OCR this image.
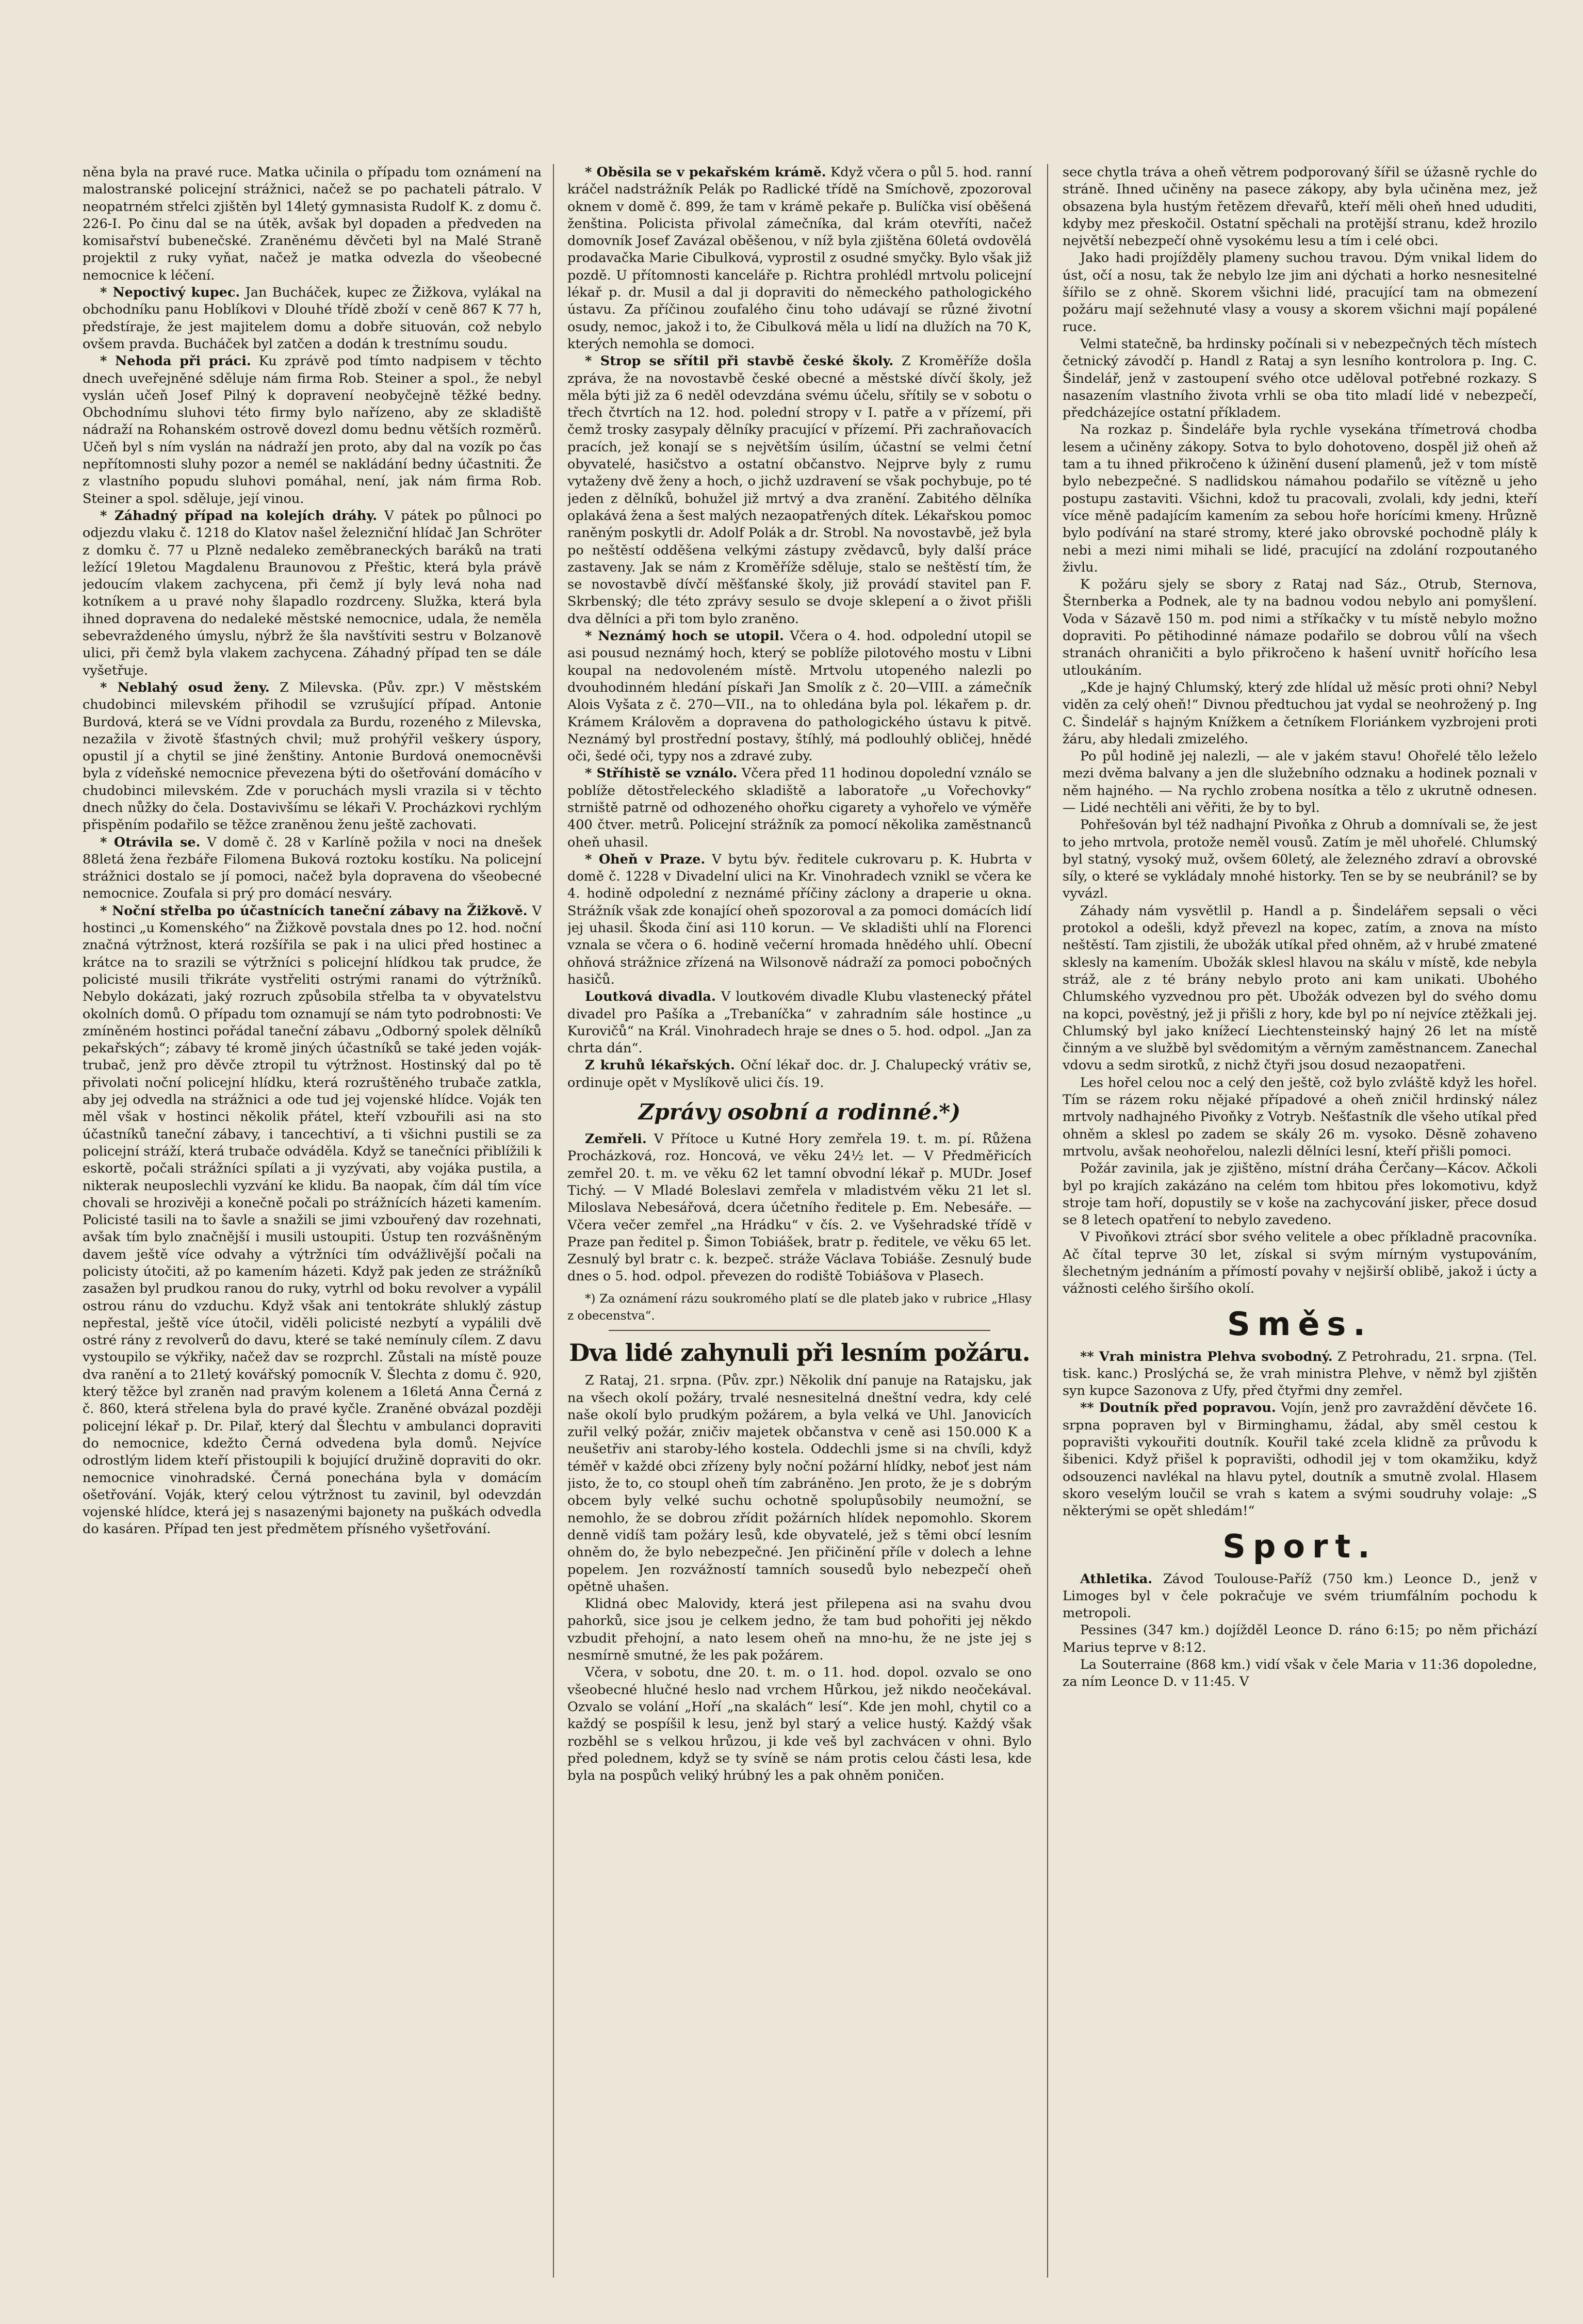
něna byla na pravé ruce. Matka učinila o případu tom oznámení na malostranské policejní strážnici, načež se po pachateli pátralo. V neopatrném střelci zjištěn byl 14letý gymnasista Rudolf K. z domu č. 226-I. Po činu dal se na útěk, avšak byl dopaden a předveden na komisařství bubenečské. Zraněnému děvčeti byl na Malé Straně projektil z ruky vyňat, načež je matka odvezla do všeobecné nemocnice k léčení.

* Nepoctivý kupec. Jan Bucháček, kupec ze Žižkova, vylákal na obchodníku panu Hoblíkovi v Dlouhé třídě zboží v ceně 867 K 77 h, předstíraje, že jest majitelem domu a dobře situován, což nebylo ovšem pravda. Bucháček byl zatčen a dodán k trestnímu soudu.

* Nehoda při práci. Ku zprávě pod tímto nadpisem v těchto dnech uveřejněné sděluje nám firma Rob. Steiner a spol., že nebyl vyslán učeň Josef Pilný k dopravení neobyčejně těžké bedny. Obchodnímu sluhovi této firmy bylo nařízeno, aby ze skladiště nádraží na Rohanském ostrově dovezl domu bednu větších rozměrů. Učeň byl s ním vyslán na nádraží jen proto, aby dal na vozík po čas nepřítomnosti sluhy pozor a nemél se nakládání bedny účastniti. Že z vlastního popudu sluhovi pomáhal, není, jak nám firma Rob. Steiner a spol. sděluje, její vinou.

* Záhadný případ na kolejích dráhy. V pátek po půlnoci po odjezdu vlaku č. 1218 do Klatov našel železniční hlídač Jan Schröter z domku č. 77 u Plzně nedaleko zeměbraneckých baráků na trati ležící 19letou Magdalenu Braunovou z Přeštic, která byla právě jedoucím vlakem zachycena, při čemž jí byly levá noha nad kotníkem a u pravé nohy šlapadlo rozdrceny. Služka, která byla ihned dopravena do nedaleké městské nemocnice, udala, že neměla sebevraždeného úmyslu, nýbrž že šla navštíviti sestru v Bolzanově ulici, při čemž byla vlakem zachycena. Záhadný případ ten se dále vyšetřuje.

* Neblahý osud ženy. Z Milevska. (Pův. zpr.) V městském chudobinci milevském přihodil se vzrušující případ. Antonie Burdová, která se ve Vídni provdala za Burdu, rozeného z Milevska, nezažila v životě šťastných chvil; muž prohýřil veškery úspory, opustil jí a chytil se jiné ženštiny. Antonie Burdová onemocněvši byla z vídeňské nemocnice převezena býti do ošetřování domácího v chudobinci milevském. Zde v poruchách mysli vrazila si v těchto dnech nůžky do čela. Dostavivšímu se lékaři V. Procházkovi rychlým přispěním podařilo se těžce zraněnou ženu ještě zachovati.

* Otrávila se. V domě č. 28 v Karlíně požila v noci na dnešek 88letá žena řezbáře Filomena Buková roztoku kostíku. Na policejní strážnici dostalo se jí pomoci, načež byla dopravena do všeobecné nemocnice. Zoufala si prý pro domácí nesváry.

* Noční střelba po účastnících taneční zábavy na Žižkově. V hostinci „u Komenského“ na Žižkově povstala dnes po 12. hod. noční značná výtržnost, která rozšířila se pak i na ulici před hostinec a krátce na to srazili se výtržníci s policejní hlídkou tak prudce, že policisté musili třikráte vystřeliti ostrými ranami do výtržníků. Nebylo dokázati, jaký rozruch způsobila střelba ta v obyvatelstvu okolních domů. O případu tom oznamují se nám tyto podrobnosti: Ve zmíněném hostinci pořádal taneční zábavu „Odborný spolek dělníků pekařských“; zábavy té kromě jiných účastníků se také jeden voják-trubač, jenž pro děvče ztropil tu výtržnost. Hostinský dal po tě přivolati noční policejní hlídku, která rozruštěného trubače zatkla, aby jej odvedla na strážnici a ode tud jej vojenské hlídce. Voják ten měl však v hostinci několik přátel, kteří vzbouřili asi na sto účastníků taneční zábavy, i tancechtiví, a ti všichni pustili se za policejní stráží, která trubače odváděla. Když se tanečníci přiblížili k eskortě, počali strážníci spílati a ji vyzývati, aby vojáka pustila, a nikterak neuposlechli vyzvání ke klidu. Ba naopak, čím dál tím více chovali se hrozivěji a konečně počali po strážnících házeti kamením. Policisté tasili na to šavle a snažili se jimi vzbouřený dav rozehnati, avšak tím bylo značnější i musili ustoupiti. Ústup ten rozvášněným davem ještě více odvahy a výtržníci tím odvážlivější počali na policisty útočiti, až po kamením házeti. Když pak jeden ze strážníků zasažen byl prudkou ranou do ruky, vytrhl od boku revolver a vypálil ostrou ránu do vzduchu. Když však ani tentokráte shluklý zástup nepřestal, ještě více útočil, viděli policisté nezbytí a vypálili dvě ostré rány z revolverů do davu, které se také nemínuly cílem. Z davu vystoupilo se výkřiky, načež dav se rozprchl. Zůstali na místě pouze dva ranění a to 21letý kovářský pomocník V. Šlechta z domu č. 920, který těžce byl zraněn nad pravým kolenem a 16letá Anna Černá z č. 860, která střelena byla do pravé kyčle. Zraněné obvázal později policejní lékař p. Dr. Pilař, který dal Šlechtu v ambulanci dopraviti do nemocnice, kdežto Černá odvedena byla domů. Nejvíce odrostlým lidem kteří přistoupili k bojující družině dopraviti do okr. nemocnice vinohradské. Černá ponechána byla v domácím ošetřování. Voják, který celou výtržnost tu zavinil, byl odevzdán vojenské hlídce, která jej s nasazenými bajonety na puškách odvedla do kasáren. Případ ten jest předmětem přísného vyšetřování.

* Oběsila se v pekařském krámě. Když včera o půl 5. hod. ranní kráčel nadstrážník Pelák po Radlické třídě na Smíchově, zpozoroval oknem v domě č. 899, že tam v krámě pekaře p. Bulíčka visí oběšená ženština. Policista přivolal zámečníka, dal krám otevříti, načež domovník Josef Zavázal oběšenou, v níž byla zjištěna 60letá ovdovělá prodavačka Marie Cibulková, vyprostil z osudné smyčky. Bylo však již pozdě. U přítomnosti kanceláře p. Richtra prohlédl mrtvolu policejní lékař p. dr. Musil a dal ji dopraviti do německého pathologického ústavu. Za příčinou zoufalého činu toho udávají se různé životní osudy, nemoc, jakož i to, že Cibulková měla u lidí na dlužích na 70 K, kterých nemohla se domoci.

* Strop se sřítil při stavbě české školy. Z Kroměříže došla zpráva, že na novostavbě české obecné a městské dívčí školy, jež měla býti již za 6 neděl odevzdána svému účelu, sřítily se v sobotu o třech čtvrtích na 12. hod. polední stropy v I. patře a v přízemí, při čemž trosky zasypaly dělníky pracující v přízemí. Při zachraňovacích pracích, jež konají se s největším úsilím, účastní se velmi četní obyvatelé, hasičstvo a ostatní občanstvo. Nejprve byly z rumu vytaženy dvě ženy a hoch, o jichž uzdravení se však pochybuje, po té jeden z dělníků, bohužel již mrtvý a dva zranění. Zabitého dělníka oplakává žena a šest malých nezaopatřených dítek. Lékařskou pomoc raněným poskytli dr. Adolf Polák a dr. Strobl. Na novostavbě, jež byla po neštěstí odděšena velkými zástupy zvědavců, byly další práce zastaveny. Jak se nám z Kroměříže sděluje, stalo se neštěstí tím, že se novostavbě dívčí měšťanské školy, již provádí stavitel pan F. Skrbenský; dle této zprávy sesulo se dvoje sklepení a o život přišli dva dělníci a při tom bylo zraněno.

* Neznámý hoch se utopil. Včera o 4. hod. odpolední utopil se asi pousud neznámý hoch, který se poblíže pilotového mostu v Libni koupal na nedovoleném místě. Mrtvolu utopeného nalezli po dvouhodinném hledání pískaři Jan Smolík z č. 20—VIII. a zámečník Alois Vyšata z č. 270—VII., na to ohledána byla pol. lékařem p. dr. Krámem Králověm a dopravena do pathologického ústavu k pitvě. Neznámý byl prostřední postavy, štíhlý, má podlouhlý obličej, hnědé oči, šedé oči, typy nos a zdravé zuby.

* Stříhistě se vználo. Včera před 11 hodinou dopolední vználo se poblíže dětostřeleckého skladiště a laboratoře „u Vořechovky“ strniště patrně od odhozeného ohořku cigarety a vyhořelo ve výměře 400 čtver. metrů. Policejní strážník za pomocí několika zaměstnanců oheň uhasil.

* Oheň v Praze. V bytu býv. ředitele cukrovaru p. K. Hubrta v domě č. 1228 v Divadelní ulici na Kr. Vinohradech vznikl se včera ke 4. hodině odpolední z neznámé příčiny záclony a draperie u okna. Strážník však zde konající oheň spozoroval a za pomoci domácích lidí jej uhasil. Škoda činí asi 110 korun. — Ve skladišti uhlí na Florenci vznala se včera o 6. hodině večerní hromada hnědého uhlí. Obecní ohňová strážnice zřízená na Wilsonově nádraží za pomoci pobočných hasičů.

Loutková divadla. V loutkovém divadle Klubu vlastenecký přátel divadel pro Pašíka a „Trebaníčka“ v zahradním sále hostince „u Kurovičů“ na Král. Vinohradech hraje se dnes o 5. hod. odpol. „Jan za chrta dán“.

Z kruhů lékařských. Oční lékař doc. dr. J. Chalupecký vrátiv se, ordinuje opět v Myslíkově ulici čís. 19.

Zprávy osobní a rodinné.*)

Zemřeli. V Přítoce u Kutné Hory zemřela 19. t. m. pí. Růžena Procházková, roz. Honcová, ve věku 24½ let. — V Předměřicích zemřel 20. t. m. ve věku 62 let tamní obvodní lékař p. MUDr. Josef Tichý. — V Mladé Boleslavi zemřela v mladistvém věku 21 let sl. Miloslava Nebesářová, dcera účetního ředitele p. Em. Nebesáře. — Včera večer zemřel „na Hrádku“ v čís. 2. ve Vyšehradské třídě v Praze pan ředitel p. Šimon Tobiášek, bratr p. ředitele, ve věku 65 let. Zesnulý byl bratr c. k. bezpeč. stráže Václava Tobiáše. Zesnulý bude dnes o 5. hod. odpol. převezen do rodiště Tobiášova v Plasech.

*) Za oznámení rázu soukromého platí se dle plateb jako v rubrice „Hlasy z obecenstva“.

Dva lidé zahynuli při lesním požáru.

Z Rataj, 21. srpna. (Pův. zpr.) Několik dní panuje na Ratajsku, jak na všech okolí požáry, trvalé nesnesitelná dneštní vedra, kdy celé naše okolí bylo prudkým požárem, a byla velká ve Uhl. Janovicích zuřil velký požár, zničiv majetek občanstva v ceně asi 150.000 K a neušetřiv ani staroby-lého kostela. Oddechli jsme si na chvíli, když téměř v každé obci zřízeny byly noční požární hlídky, neboť jest nám jisto, že to, co stoupl oheň tím zabráněno. Jen proto, že je s dobrým obcem byly velké suchu ochotně spolupůsobily neumožní, se nemohlo, že se dobrou zřídit požárních hlídek nepomohlo. Skorem denně vidíš tam požáry lesů, kde obyvatelé, jež s těmi obcí lesním ohněm do, že bylo nebezpečné. Jen přičinění příle v dolech a lehne popelem. Jen rozvážností tamních sousedů bylo nebezpečí oheň opětně uhašen.

Klidná obec Malovidy, která jest přilepena asi na svahu dvou pahorků, sice jsou je celkem jedno, že tam bud pohořiti jej někdo vzbudit přehojní, a nato lesem oheň na mno-hu, že ne jste jej s nesmírně smutné, že les pak požárem.

Včera, v sobotu, dne 20. t. m. o 11. hod. dopol. ozvalo se ono všeobecné hlučné heslo nad vrchem Hůrkou, jež nikdo neočekával. Ozvalo se volání „Hoří „na skalách“ lesí“. Kde jen mohl, chytil co a každý se pospíšil k lesu, jenž byl starý a velice hustý. Každý však rozběhl se s velkou hrůzou, ji kde veš byl zachvácen v ohni. Bylo před polednem, když se ty svíně se nám protis celou části lesa, kde byla na pospůch veliký hrúbný les a pak ohněm poničen.

sece chytla tráva a oheň větrem podporovaný šířil se úžasně rychle do stráně. Ihned učiněny na pasece zákopy, aby byla učiněna mez, jež obsazena byla hustým řetězem dřevařů, kteří měli oheň hned ududiti, kdyby mez přeskočil. Ostatní spěchali na protější stranu, kdež hrozilo největší nebezpečí ohně vysokému lesu a tím i celé obci.

Jako hadi projížděly plameny suchou travou. Dým vnikal lidem do úst, očí a nosu, tak že nebylo lze jim ani dýchati a horko nesnesitelné šířilo se z ohně. Skorem všichni lidé, pracující tam na obmezení požáru mají sežehnuté vlasy a vousy a skorem všichni mají popálené ruce.

Velmi statečně, ba hrdinsky počínali si v nebezpečných těch místech četnický závodčí p. Handl z Rataj a syn lesního kontrolora p. Ing. C. Šindelář, jenž v zastoupení svého otce uděloval potřebné rozkazy. S nasazením vlastního života vrhli se oba tito mladí lidé v nebezpečí, předcházejíce ostatní příkladem.

Na rozkaz p. Šindeláře byla rychle vysekána třímetrová chodba lesem a učiněny zákopy. Sotva to bylo dohotoveno, dospěl již oheň až tam a tu ihned přikročeno k úžinění dusení plamenů, jež v tom místě bylo nebezpečné. S nadlidskou námahou podařilo se vítězně u jeho postupu zastaviti. Všichni, kdož tu pracovali, zvolali, kdy jedni, kteří více měně padajícím kamením za sebou hoře horícími kmeny. Hrůzně bylo podívání na staré stromy, které jako obrovské pochodně plály k nebi a mezi nimi mihali se lidé, pracující na zdolání rozpoutaného živlu.

K požáru sjely se sbory z Rataj nad Sáz., Otrub, Sternova, Šternberka a Podnek, ale ty na badnou vodou nebylo ani pomyšlení. Voda v Sázavě 150 m. pod nimi a stříkačky v tu místě nebylo možno dopraviti. Po pětihodinné námaze podařilo se dobrou vůlí na všech stranách ohraničiti a bylo přikročeno k hašení uvnitř hořícího lesa utloukáním.

„Kde je hajný Chlumský, který zde hlídal už měsíc proti ohni? Nebyl viděn za celý oheň!“ Divnou předtuchou jat vydal se neohrožený p. Ing C. Šindelář s hajným Knížkem a četníkem Floriánkem vyzbrojeni proti žáru, aby hledali zmizelého.

Po půl hodině jej nalezli, — ale v jakém stavu! Ohořelé tělo leželo mezi dvěma balvany a jen dle služebního odznaku a hodinek poznali v něm hajného. — Na rychlo zrobena nosítka a tělo z ukrutně odnesen. — Lidé nechtěli ani věřiti, že by to byl.

Pohřešován byl též nadhajní Pivoňka z Ohrub a domnívali se, že jest to jeho mrtvola, protože neměl vousů. Zatím je měl uhořelé. Chlumský byl statný, vysoký muž, ovšem 60letý, ale železného zdraví a obrovské síly, o které se vykládaly mnohé historky. Ten se by se neubránil? se by vyvázl.

Záhady nám vysvětlil p. Handl a p. Šindelářem sepsali o věci protokol a odešli, když převezl na kopec, zatím, a znova na místo neštěstí. Tam zjistili, že ubožák utíkal před ohněm, až v hrubé zmatené sklesly na kamením. Ubožák sklesl hlavou na skálu v místě, kde nebyla stráž, ale z té brány nebylo proto ani kam unikati. Ubohého Chlumského vyzvednou pro pět. Ubožák odvezen byl do svého domu na kopci, pověstný, jež ji přišli z hory, kde byl po ní nejvíce ztěžkali jej. Chlumský byl jako knížecí Liechtensteinský hajný 26 let na místě činným a ve službě byl svědomitým a věrným zaměstnancem. Zanechal vdovu a sedm sirotků, z nichž čtyři jsou dosud nezaopatřeni.

Les hořel celou noc a celý den ještě, což bylo zvláště když les hořel. Tím se rázem roku nějaké případové a oheň zničil hrdinský nález mrtvoly nadhajného Pivoňky z Votryb. Nešťastník dle všeho utíkal před ohněm a sklesl po zadem se skály 26 m. vysoko. Děsně zohaveno mrtvolu, avšak neohořelou, nalezli dělníci lesní, kteří přišli pomoci.

Požár zavinila, jak je zjištěno, místní dráha Čerčany—Kácov. Ačkoli byl po krajích zakázáno na celém tom hbitou přes lokomotivu, když stroje tam hoří, dopustily se v koše na zachycování jisker, přece dosud se 8 letech opatření to nebylo zavedeno.

V Pivoňkovi ztrácí sbor svého velitele a obec příkladně pracovníka. Ač čítal teprve 30 let, získal si svým mírným vystupováním, šlechetným jednáním a přímostí povahy v nejširší oblibě, jakož i úcty a vážnosti celého širšího okolí.

Směs.

** Vrah ministra Plehva svobodný. Z Petrohradu, 21. srpna. (Tel. tisk. kanc.) Proslýchá se, že vrah ministra Plehve, v němž byl zjištěn syn kupce Sazonova z Ufy, před čtyřmi dny zemřel.

** Doutník před popravou. Vojín, jenž pro zavraždění děvčete 16. srpna popraven byl v Birminghamu, žádal, aby směl cestou k popravišti vykouřiti doutník. Kouřil také zcela klidně za průvodu k šibenici. Když přišel k popravišti, odhodil jej v tom okamžiku, když odsouzenci navlékal na hlavu pytel, doutník a smutně zvolal. Hlasem skoro veselým loučil se vrah s katem a svými soudruhy volaje: „S některými se opět shledám!“

Sport.

Athletika. Závod Toulouse-Paříž (750 km.) Leonce D., jenž v Limoges byl v čele pokračuje ve svém triumfálním pochodu k metropoli.

Pessines (347 km.) dojížděl Leonce D. ráno 6:15; po něm přichází Marius teprve v 8:12.

La Souterraine (868 km.) vidí však v čele Maria v 11:36 dopoledne, za ním Leonce D. v 11:45. V
